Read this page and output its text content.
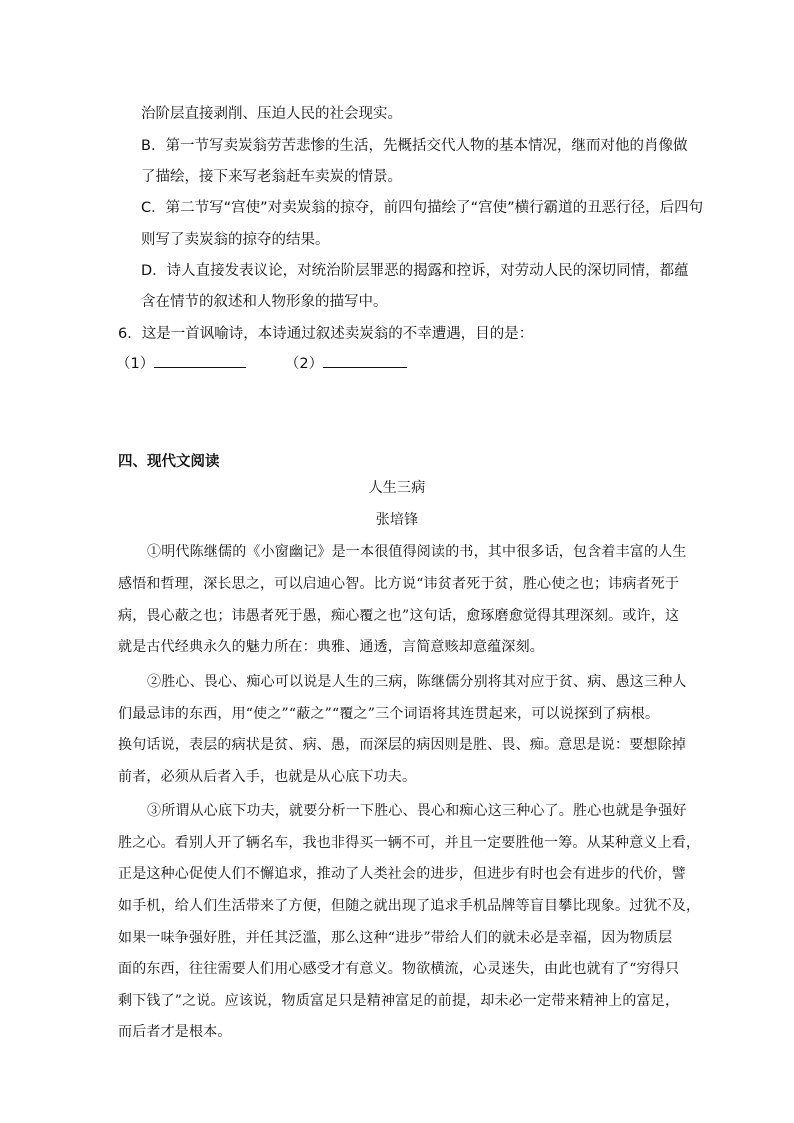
治阶层直接剥削、压迫人民的社会现实。
B．第一节写卖炭翁劳苦悲惨的生活，先概括交代人物的基本情况，继而对他的肖像做
了描绘，接下来写老翁赶车卖炭的情景。
C．第二节写“宫使”对卖炭翁的掠夺，前四句描绘了“宫使”横行霸道的丑恶行径，后四句
则写了卖炭翁的掠夺的结果。
D．诗人直接发表议论，对统治阶层罪恶的揭露和控诉，对劳动人民的深切同情，都蕴
含在情节的叙述和人物形象的描写中。
6．这是一首讽喻诗，本诗通过叙述卖炭翁的不幸遭遇，目的是：
（1）	（2）
四、现代文阅读
人生三病
张培锋
①明代陈继儒的《小窗幽记》是一本很值得阅读的书，其中很多话，包含着丰富的人生
感悟和哲理，深长思之，可以启迪心智。比方说“讳贫者死于贫，胜心使之也；讳病者死于
病，畏心蔽之也；讳愚者死于愚，痴心覆之也”这句话，愈琢磨愈觉得其理深刻。或许，这
就是古代经典永久的魅力所在：典雅、通透，言简意赅却意蕴深刻。
②胜心、畏心、痴心可以说是人生的三病，陈继儒分别将其对应于贫、病、愚这三种人
们最忌讳的东西，用“使之”“蔽之”“覆之”三个词语将其连贯起来，可以说探到了病根。
换句话说，表层的病状是贫、病、愚，而深层的病因则是胜、畏、痴。意思是说：要想除掉
前者，必须从后者入手，也就是从心底下功夫。
③所谓从心底下功夫，就要分析一下胜心、畏心和痴心这三种心了。胜心也就是争强好
胜之心。看别人开了辆名车，我也非得买一辆不可，并且一定要胜他一筹。从某种意义上看，
正是这种心促使人们不懈追求，推动了人类社会的进步，但进步有时也会有进步的代价，譬
如手机，给人们生活带来了方便，但随之就出现了追求手机品牌等盲目攀比现象。过犹不及，
如果一味争强好胜，并任其泛滥，那么这种“进步”带给人们的就未必是幸福，因为物质层
面的东西，往往需要人们用心感受才有意义。物欲横流，心灵迷失，由此也就有了“穷得只
剩下钱了”之说。应该说，物质富足只是精神富足的前提，却未必一定带来精神上的富足，
而后者才是根本。
